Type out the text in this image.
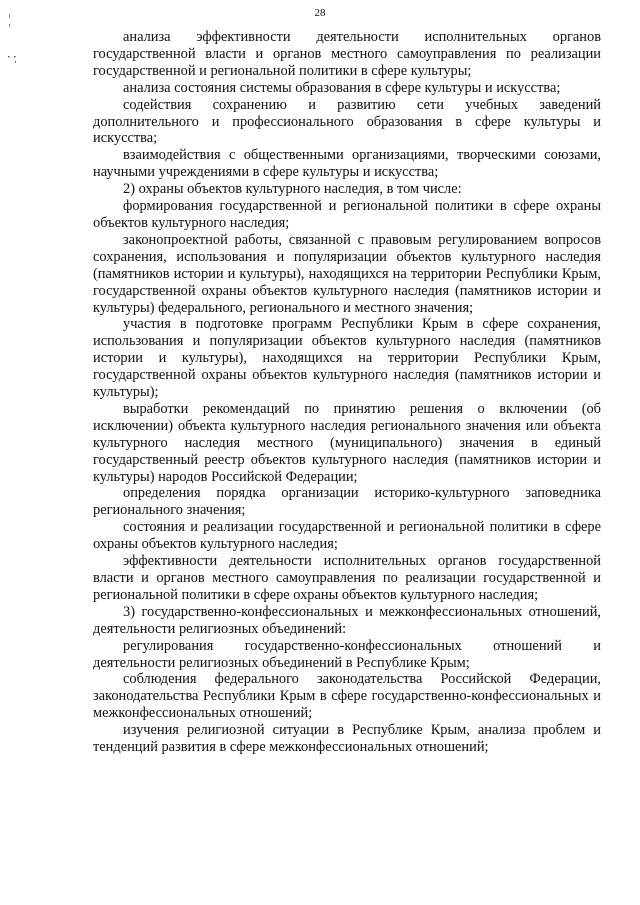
28

анализа эффективности деятельности исполнительных органов государственной власти и органов местного самоуправления по реализации государственной и региональной политики в сфере культуры;

анализа состояния системы образования в сфере культуры и искусства;

содействия сохранению и развитию сети учебных заведений дополнительного и профессионального образования в сфере культуры и искусства;

взаимодействия с общественными организациями, творческими союзами, научными учреждениями в сфере культуры и искусства;

2) охраны объектов культурного наследия, в том числе:

формирования государственной и региональной политики в сфере охраны объектов культурного наследия;

законопроектной работы, связанной с правовым регулированием вопросов сохранения, использования и популяризации объектов культурного наследия (памятников истории и культуры), находящихся на территории Республики Крым, государственной охраны объектов культурного наследия (памятников истории и культуры) федерального, регионального и местного значения;

участия в подготовке программ Республики Крым в сфере сохранения, использования и популяризации объектов культурного наследия (памятников истории и культуры), находящихся на территории Республики Крым, государственной охраны объектов культурного наследия (памятников истории и культуры);

выработки рекомендаций по принятию решения о включении (об исключении) объекта культурного наследия регионального значения или объекта культурного наследия местного (муниципального) значения в единый государственный реестр объектов культурного наследия (памятников истории и культуры) народов Российской Федерации;

определения порядка организации историко-культурного заповедника регионального значения;

состояния и реализации государственной и региональной политики в сфере охраны объектов культурного наследия;

эффективности деятельности исполнительных органов государственной власти и органов местного самоуправления по реализации государственной и региональной политики в сфере охраны объектов культурного наследия;

3) государственно-конфессиональных и межконфессиональных отношений, деятельности религиозных объединений:

регулирования государственно-конфессиональных отношений и деятельности религиозных объединений в Республике Крым;

соблюдения федерального законодательства Российской Федерации, законодательства Республики Крым в сфере государственно-конфессиональных и межконфессиональных отношений;

изучения религиозной ситуации в Республике Крым, анализа проблем и тенденций развития в сфере межконфессиональных отношений;
